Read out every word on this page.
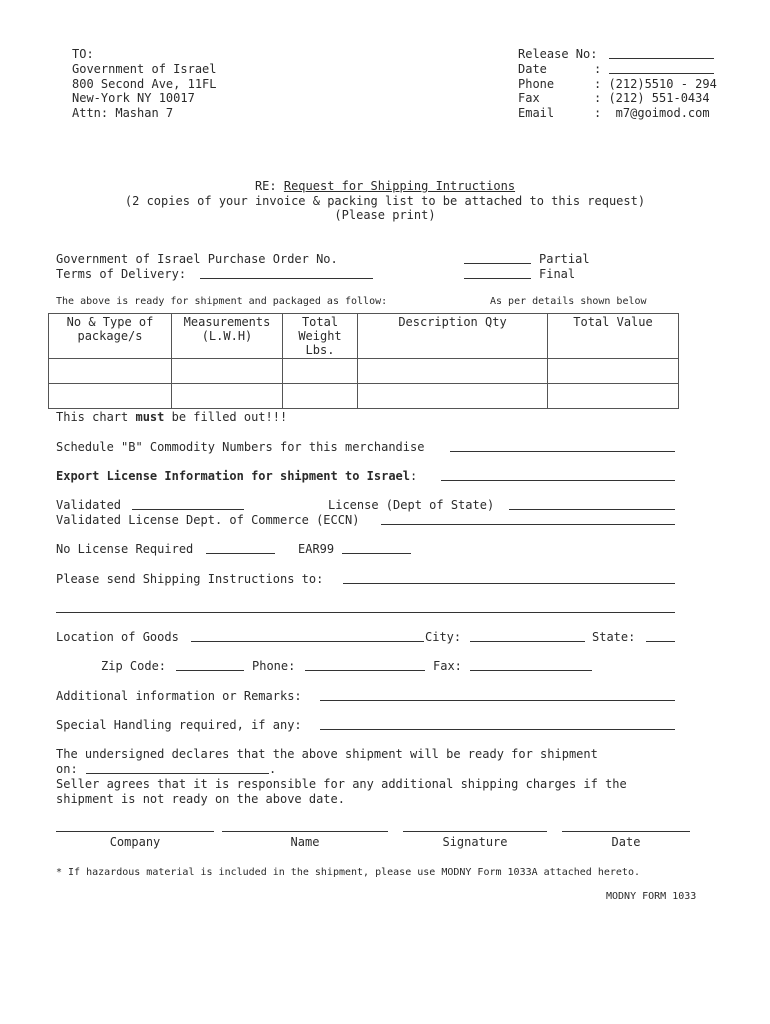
TO:
Government of Israel
800 Second Ave, 11FL
New-York NY 10017
Attn: Mashan 7
Release No:
Date	:
Phone	: (212)5510 - 294
Fax	: (212) 551-0434
Email	:  m7@goimod.com
RE: Request for Shipping Intructions
(2 copies of your invoice & packing list to be attached to this request)
(Please print)
Government of Israel Purchase Order No.
Terms of Delivery:
Partial
Final
The above is ready for shipment and packaged as follow:	As per details shown below
No & Type of package/s	Measurements (L.W.H)	Total Weight Lbs.	Description Qty	Total Value

This chart must be filled out!!!
Schedule "B" Commodity Numbers for this merchandise
Export License Information for shipment to Israel:
Validated	License (Dept of State)
Validated License Dept. of Commerce (ECCN)
No License Required	EAR99
Please send Shipping Instructions to:
Location of Goods	City:	State:
Zip Code:	Phone:	Fax:
Additional information or Remarks:
Special Handling required, if any:
The undersigned declares that the above shipment will be ready for shipment
on:	.
Seller agrees that it is responsible for any additional shipping charges if the
shipment is not ready on the above date.
Company	Name	Signature	Date
* If hazardous material is included in the shipment, please use MODNY Form 1033A attached hereto.
MODNY FORM 1033
